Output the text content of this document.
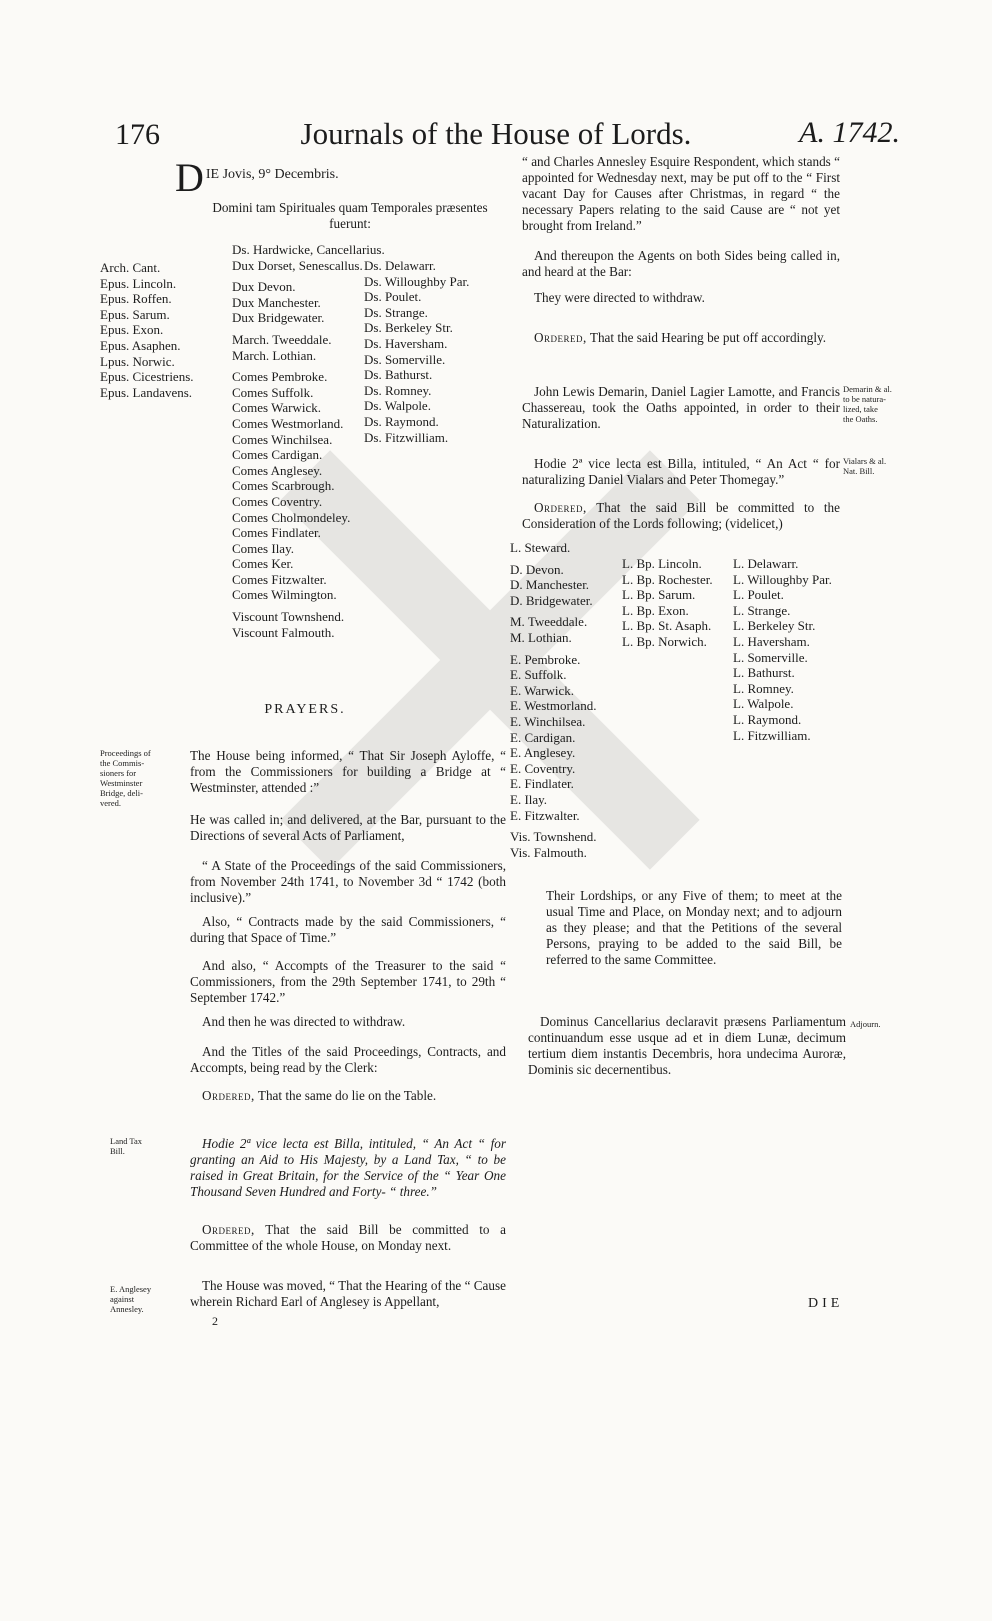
176	Journals of the House of Lords.	A. 1742.
D IE Jovis, 9° Decembris.

Domini tam Spirituales quam Temporales præsentes fuerunt:

Arch. Cant.
Epus. Lincoln.
Epus. Roffen.
Epus. Sarum.
Epus. Exon.
Epus. Asaphen.
Lpus. Norwic.
Epus. Cicestriens.
Epus. Landavens.
Ds. Hardwicke, Cancellarius.
Dux Dorset, Senescallus.
Dux Devon.
Dux Manchester.
Dux Bridgewater.
March. Tweeddale.
March. Lothian.
Comes Pembroke.
Comes Suffolk.
Comes Warwick.
Comes Westmorland.
Comes Winchilsea.
Comes Cardigan.
Comes Anglesey.
Comes Scarbrough.
Comes Coventry.
Comes Cholmondeley.
Comes Findlater.
Comes Ilay.
Comes Ker.
Comes Fitzwalter.
Comes Wilmington.
Viscount Townshend.
Viscount Falmouth.
Ds. Delawarr.
Ds. Willoughby Par.
Ds. Poulet.
Ds. Strange.
Ds. Berkeley Str.
Ds. Haversham.
Ds. Somerville.
Ds. Bathurst.
Ds. Romney.
Ds. Walpole.
Ds. Raymond.
Ds. Fitzwilliam.
PRAYERS.
Proceedings of
the Commis-
sioners for
Westminster
Bridge, deli-
vered.

The House being informed, “ That Sir Joseph Ayloffe, “ from the Commissioners for building a Bridge at “ Westminster, attended :”

He was called in; and delivered, at the Bar, pursuant to the Directions of several Acts of Parliament,

“ A State of the Proceedings of the said Commissioners, from November 24th 1741, to November 3d “ 1742 (both inclusive).”

Also, “ Contracts made by the said Commissioners, “ during that Space of Time.”

And also, “ Accompts of the Treasurer to the said “ Commissioners, from the 29th September 1741, to 29th “ September 1742.”

And then he was directed to withdraw.

And the Titles of the said Proceedings, Contracts, and Accompts, being read by the Clerk:

Ordered, That the same do lie on the Table.

Land Tax
Bill.	Hodie 2ª vice lecta est Billa, intituled, “ An Act “ for granting an Aid to His Majesty, by a Land Tax, “ to be raised in Great Britain, for the Service of the “ Year One Thousand Seven Hundred and Forty- “ three.”

Ordered, That the said Bill be committed to a Committee of the whole House, on Monday next.

E. Anglesey
against
Annesley.

The House was moved, “ That the Hearing of the “ Cause wherein Richard Earl of Anglesey is Appellant,

2

“ and Charles Annesley Esquire Respondent, which stands “ appointed for Wednesday next, may be put off to the “ First vacant Day for Causes after Christmas, in regard “ the necessary Papers relating to the said Cause are “ not yet brought from Ireland.”

And thereupon the Agents on both Sides being called in, and heard at the Bar:

They were directed to withdraw.

Ordered, That the said Hearing be put off accordingly.

John Lewis Demarin, Daniel Lagier Lamotte, and Francis Chassereau, took the Oaths appointed, in order to their Naturalization.

Demarin & al.
to be natura-
lized, take
the Oaths.

Hodie 2ª vice lecta est Billa, intituled, “ An Act “ for naturalizing Daniel Vialars and Peter Thomegay.”

Vialars & al.
Nat. Bill.

Ordered, That the said Bill be committed to the Consideration of the Lords following; (videlicet,)

L. Steward.
D. Devon.
D. Manchester.
D. Bridgewater.
M. Tweeddale.
M. Lothian.
E. Pembroke.
E. Suffolk.
E. Warwick.
E. Westmorland.
E. Winchilsea.
E. Cardigan.
E. Anglesey.
E. Coventry.
E. Findlater.
E. Ilay.
E. Fitzwalter.
Vis. Townshend.
Vis. Falmouth.
L. Bp. Lincoln.
L. Bp. Rochester.
L. Bp. Sarum.
L. Bp. Exon.
L. Bp. St. Asaph.
L. Bp. Norwich.
L. Delawarr.
L. Willoughby Par.
L. Poulet.
L. Strange.
L. Berkeley Str.
L. Haversham.
L. Somerville.
L. Bathurst.
L. Romney.
L. Walpole.
L. Raymond.
L. Fitzwilliam.

Their Lordships, or any Five of them; to meet at the usual Time and Place, on Monday next; and to adjourn as they please; and that the Petitions of the several Persons, praying to be added to the said Bill, be referred to the same Committee.

Dominus Cancellarius declaravit præsens Parliamentum continuandum esse usque ad et in diem Lunæ, decimum tertium diem instantis Decembris, hora undecima Auroræ, Dominis sic decernentibus.

Adjourn.
DIE
